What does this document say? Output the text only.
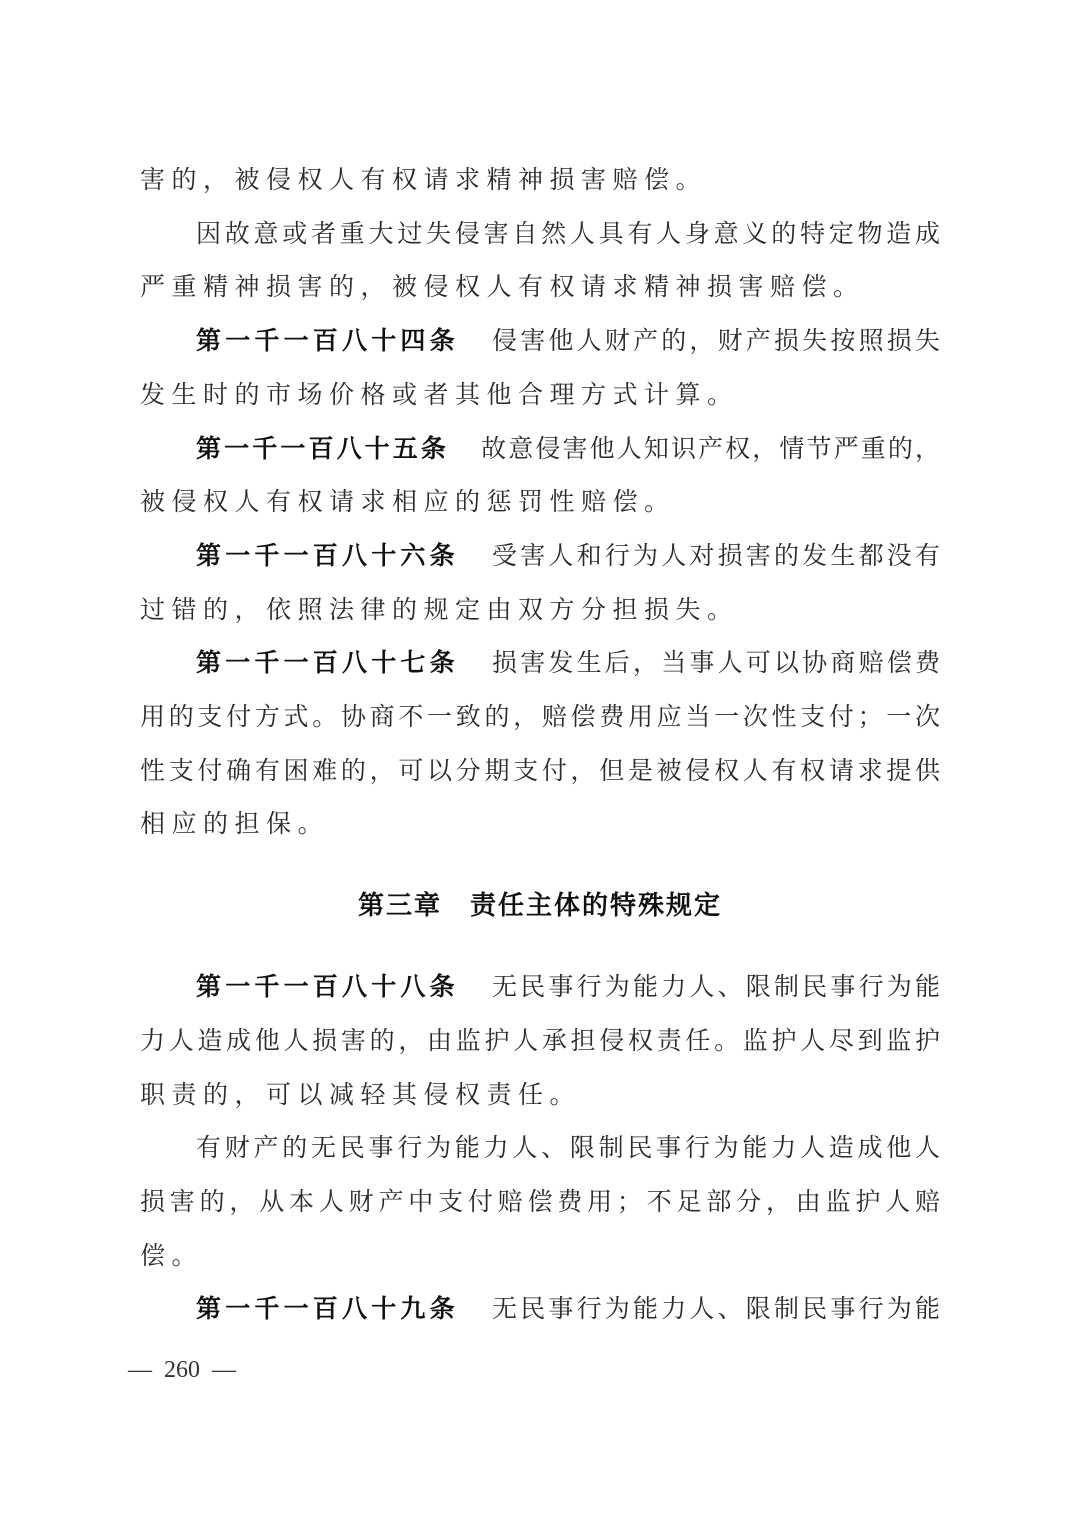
害的，被侵权人有权请求精神损害赔偿。
因故意或者重大过失侵害自然人具有人身意义的特定物造成
严重精神损害的，被侵权人有权请求精神损害赔偿。
第一千一百八十四条 侵害他人财产的，财产损失按照损失
发生时的市场价格或者其他合理方式计算。
第一千一百八十五条 故意侵害他人知识产权，情节严重的，
被侵权人有权请求相应的惩罚性赔偿。
第一千一百八十六条 受害人和行为人对损害的发生都没有
过错的，依照法律的规定由双方分担损失。
第一千一百八十七条 损害发生后，当事人可以协商赔偿费
用的支付方式。协商不一致的，赔偿费用应当一次性支付；一次
性支付确有困难的，可以分期支付，但是被侵权人有权请求提供
相应的担保。
第三章　责任主体的特殊规定
第一千一百八十八条 无民事行为能力人、限制民事行为能
力人造成他人损害的，由监护人承担侵权责任。监护人尽到监护
职责的，可以减轻其侵权责任。
有财产的无民事行为能力人、限制民事行为能力人造成他人
损害的，从本人财产中支付赔偿费用；不足部分，由监护人赔
偿。
第一千一百八十九条 无民事行为能力人、限制民事行为能
—  260  —
